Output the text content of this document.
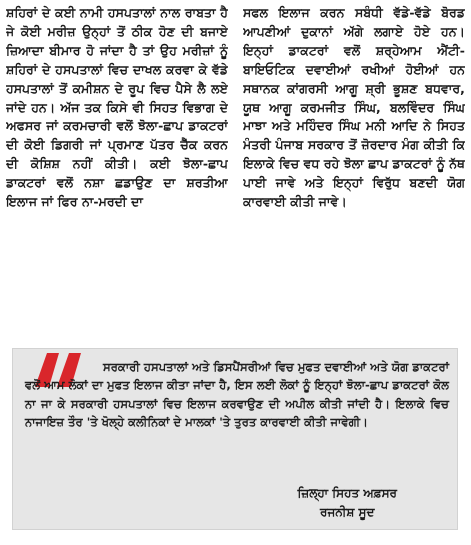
ਸ਼ਹਿਰਾਂ ਦੇ ਕਈ ਨਾਮੀ ਹਸਪਤਾਲਾਂ ਨਾਲ ਰਾਬਤਾ ਹੈ ਜੇ ਕੋਈ ਮਰੀਜ਼ ਉਨ੍ਹਾਂ ਤੋਂ ਠੀਕ ਹੋਣ ਦੀ ਬਜਾਏ ਜ਼ਿਆਦਾ ਬੀਮਾਰ ਹੋ ਜਾਂਦਾ ਹੈ ਤਾਂ ਉਹ ਮਰੀਜ਼ਾਂ ਨੂੰ ਸ਼ਹਿਰਾਂ ਦੇ ਹਸਪਤਾਲਾਂ ਵਿਚ ਦਾਖਲ ਕਰਵਾ ਕੇ ਵੱਡੇ ਹਸਪਤਾਲਾਂ ਤੋਂ ਕਮੀਸ਼ਨ ਦੇ ਰੂਪ ਵਿਚ ਪੈਸੇ ਲੈ ਲਏ ਜਾਂਦੇ ਹਨ। ਅੱਜ ਤਕ ਕਿਸੇ ਵੀ ਸਿਹਤ ਵਿਭਾਗ ਦੇ ਅਫਸਰ ਜਾਂ ਕਰਮਚਾਰੀ ਵਲੋਂ ਝੋਲਾ-ਛਾਪ ਡਾਕਟਰਾਂ ਦੀ ਕੋਈ ਡਿਗਰੀ ਜਾਂ ਪ੍ਰਮਾਣ ਪੱਤਰ ਚੈੱਕ ਕਰਨ ਦੀ ਕੋਸ਼ਿਸ਼ ਨਹੀਂ ਕੀਤੀ। ਕਈ ਝੋਲਾ-ਛਾਪ ਡਾਕਟਰਾਂ ਵਲੋਂ ਨਸ਼ਾ ਛਡਾਉਣ ਦਾ ਸ਼ਰਤੀਆ ਇਲਾਜ ਜਾਂ ਫਿਰ ਨਾ-ਮਰਦੀ ਦਾ

ਸਫਲ ਇਲਾਜ ਕਰਨ ਸਬੰਧੀ ਵੱਡੇ-ਵੱਡੇ ਬੋਰਡ ਆਪਣੀਆਂ ਦੁਕਾਨਾਂ ਅੱਗੇ ਲਗਾਏ ਹੋਏ ਹਨ। ਇਨ੍ਹਾਂ ਡਾਕਟਰਾਂ ਵਲੋਂ ਸ਼ਰ੍ਹੇਆਮ ਐਂਟੀ-ਬਾਇਓਟਿਕ ਦਵਾਈਆਂ ਰਖੀਆਂ ਹੋਈਆਂ ਹਨ ਸਥਾਨਕ ਕਾਂਗਰਸੀ ਆਗੂ ਸ਼੍ਰੀ ਭੂਸ਼ਣ ਬਧਵਾਰ, ਯੂਥ ਆਗੂ ਕਰਮਜੀਤ ਸਿੰਘ, ਬਲਵਿੰਦਰ ਸਿੰਘ ਮਾਝਾ ਅਤੇ ਮਹਿੰਦਰ ਸਿੰਘ ਮਨੀ ਆਦਿ ਨੇ ਸਿਹਤ ਮੰਤਰੀ ਪੰਜਾਬ ਸਰਕਾਰ ਤੋਂ ਜ਼ੋਰਦਾਰ ਮੰਗ ਕੀਤੀ ਕਿ ਇਲਾਕੇ ਵਿਚ ਵਧ ਰਹੇ ਝੋਲਾ ਛਾਪ ਡਾਕਟਰਾਂ ਨੂੰ ਨੱਥ ਪਾਈ ਜਾਵੇ ਅਤੇ ਇਨ੍ਹਾਂ ਵਿਰੁੱਧ ਬਣਦੀ ਯੋਗ ਕਾਰਵਾਈ ਕੀਤੀ ਜਾਵੇ।

ਸਰਕਾਰੀ ਹਸਪਤਾਲਾਂ ਅਤੇ ਡਿਸਪੈਂਸਰੀਆਂ ਵਿਚ ਮੁਫਤ ਦਵਾਈਆਂ ਅਤੇ ਯੋਗ ਡਾਕਟਰਾਂ ਵਲੋਂ ਆਮ ਲੋਕਾਂ ਦਾ ਮੁਫਤ ਇਲਾਜ ਕੀਤਾ ਜਾਂਦਾ ਹੈ, ਇਸ ਲਈ ਲੋਕਾਂ ਨੂੰ ਇਨ੍ਹਾਂ ਝੋਲਾ-ਛਾਪ ਡਾਕਟਰਾਂ ਕੋਲ ਨਾ ਜਾ ਕੇ ਸਰਕਾਰੀ ਹਸਪਤਾਲਾਂ ਵਿਚ ਇਲਾਜ ਕਰਵਾਉਣ ਦੀ ਅਪੀਲ ਕੀਤੀ ਜਾਂਦੀ ਹੈ। ਇਲਾਕੇ ਵਿਚ ਨਾਜਾਇਜ਼ ਤੌਰ 'ਤੇ ਖੋਲ੍ਹੇ ਕਲੀਨਿਕਾਂ ਦੇ ਮਾਲਕਾਂ 'ਤੇ ਤੁਰਤ ਕਾਰਵਾਈ ਕੀਤੀ ਜਾਵੇਗੀ।

ਜ਼ਿਲ੍ਹਾ ਸਿਹਤ ਅਫ਼ਸਰ
ਰਜਨੀਸ਼ ਸੂਦ
